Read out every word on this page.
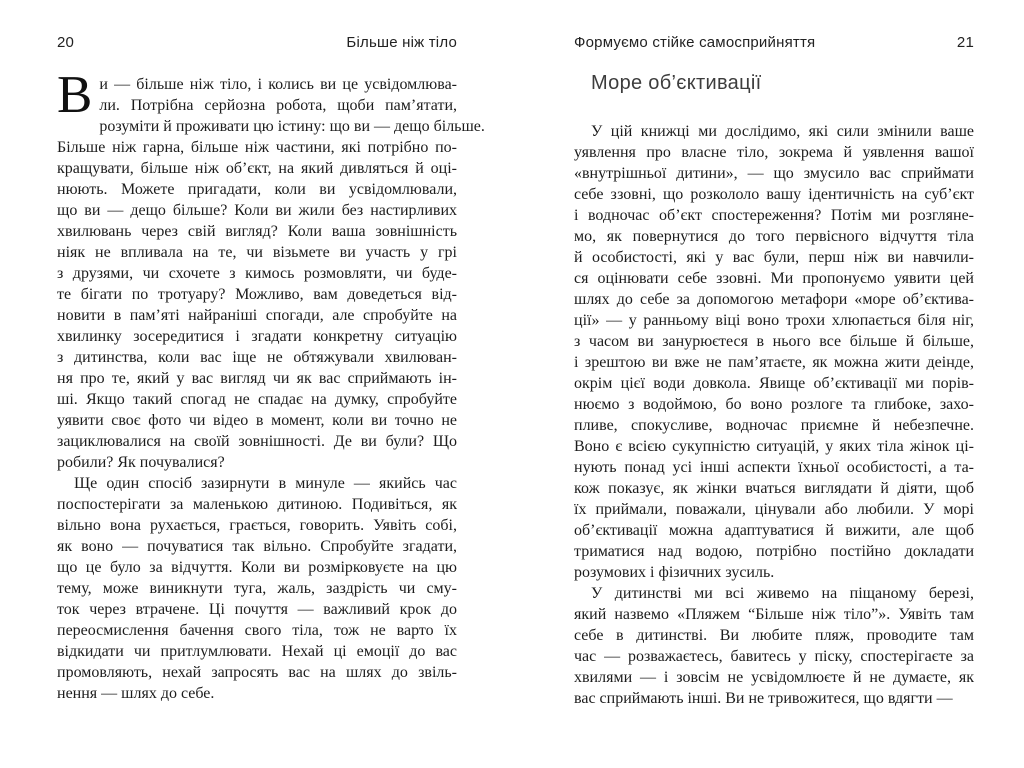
20	Більше ніж тіло
В и — більше ніж тіло, і колись ви це усвідомлюва-
ли. Потрібна серйозна робота, щоби пам’ятати,
розуміти й проживати цю істину: що ви — дещо більше.
Більше ніж гарна, більше ніж частини, які потрібно по-
кращувати, більше ніж об’єкт, на який дивляться й оці-
нюють. Можете пригадати, коли ви усвідомлювали,
що ви — дещо більше? Коли ви жили без настирливих
хвилювань через свій вигляд? Коли ваша зовнішність
ніяк не впливала на те, чи візьмете ви участь у грі
з друзями, чи схочете з кимось розмовляти, чи буде-
те бігати по тротуару? Можливо, вам доведеться від-
новити в пам’яті найраніші спогади, але спробуйте на
хвилинку зосередитися і згадати конкретну ситуацію
з дитинства, коли вас іще не обтяжували хвилюван-
ня про те, який у вас вигляд чи як вас сприймають ін-
ші. Якщо такий спогад не спадає на думку, спробуйте
уявити своє фото чи відео в момент, коли ви точно не
зациклювалися на своїй зовнішності. Де ви були? Що
робили? Як почувалися?
Ще один спосіб зазирнути в минуле — якийсь час
поспостерігати за маленькою дитиною. Подивіться, як
вільно вона рухається, грається, говорить. Уявіть собі,
як воно — почуватися так вільно. Спробуйте згадати,
що це було за відчуття. Коли ви розмірковуєте на цю
тему, може виникнути туга, жаль, заздрість чи сму-
ток через втрачене. Ці почуття — важливий крок до
переосмислення бачення свого тіла, тож не варто їх
відкидати чи притлумлювати. Нехай ці емоції до вас
промовляють, нехай запросять вас на шлях до звіль-
нення — шлях до себе.
Формуємо стійке самосприйняття	21
Море об’єктивації
У цій книжці ми дослідимо, які сили змінили ваше
уявлення про власне тіло, зокрема й уявлення вашої
«внутрішньої дитини», — що змусило вас сприймати
себе ззовні, що розкололо вашу ідентичність на суб’єкт
і водночас об’єкт спостереження? Потім ми розгляне-
мо, як повернутися до того первісного відчуття тіла
й особистості, які у вас були, перш ніж ви навчили-
ся оцінювати себе ззовні. Ми пропонуємо уявити цей
шлях до себе за допомогою метафори «море об’єктива-
ції» — у ранньому віці воно трохи хлюпається біля ніг,
з часом ви занурюєтеся в нього все більше й більше,
і зрештою ви вже не пам’ятаєте, як можна жити деінде,
окрім цієї води довкола. Явище об’єктивації ми порів-
нюємо з водоймою, бо воно розлоге та глибоке, захо-
пливе, спокусливе, водночас приємне й небезпечне.
Воно є всією сукупністю ситуацій, у яких тіла жінок ці-
нують понад усі інші аспекти їхньої особистості, а та-
кож показує, як жінки вчаться виглядати й діяти, щоб
їх приймали, поважали, цінували або любили. У морі
об’єктивації можна адаптуватися й вижити, але щоб
триматися над водою, потрібно постійно докладати
розумових і фізичних зусиль.
У дитинстві ми всі живемо на піщаному березі,
який назвемо «Пляжем “Більше ніж тіло”». Уявіть там
себе в дитинстві. Ви любите пляж, проводите там
час — розважаєтесь, бавитесь у піску, спостерігаєте за
хвилями — і зовсім не усвідомлюєте й не думаєте, як
вас сприймають інші. Ви не тривожитеся, що вдягти —
